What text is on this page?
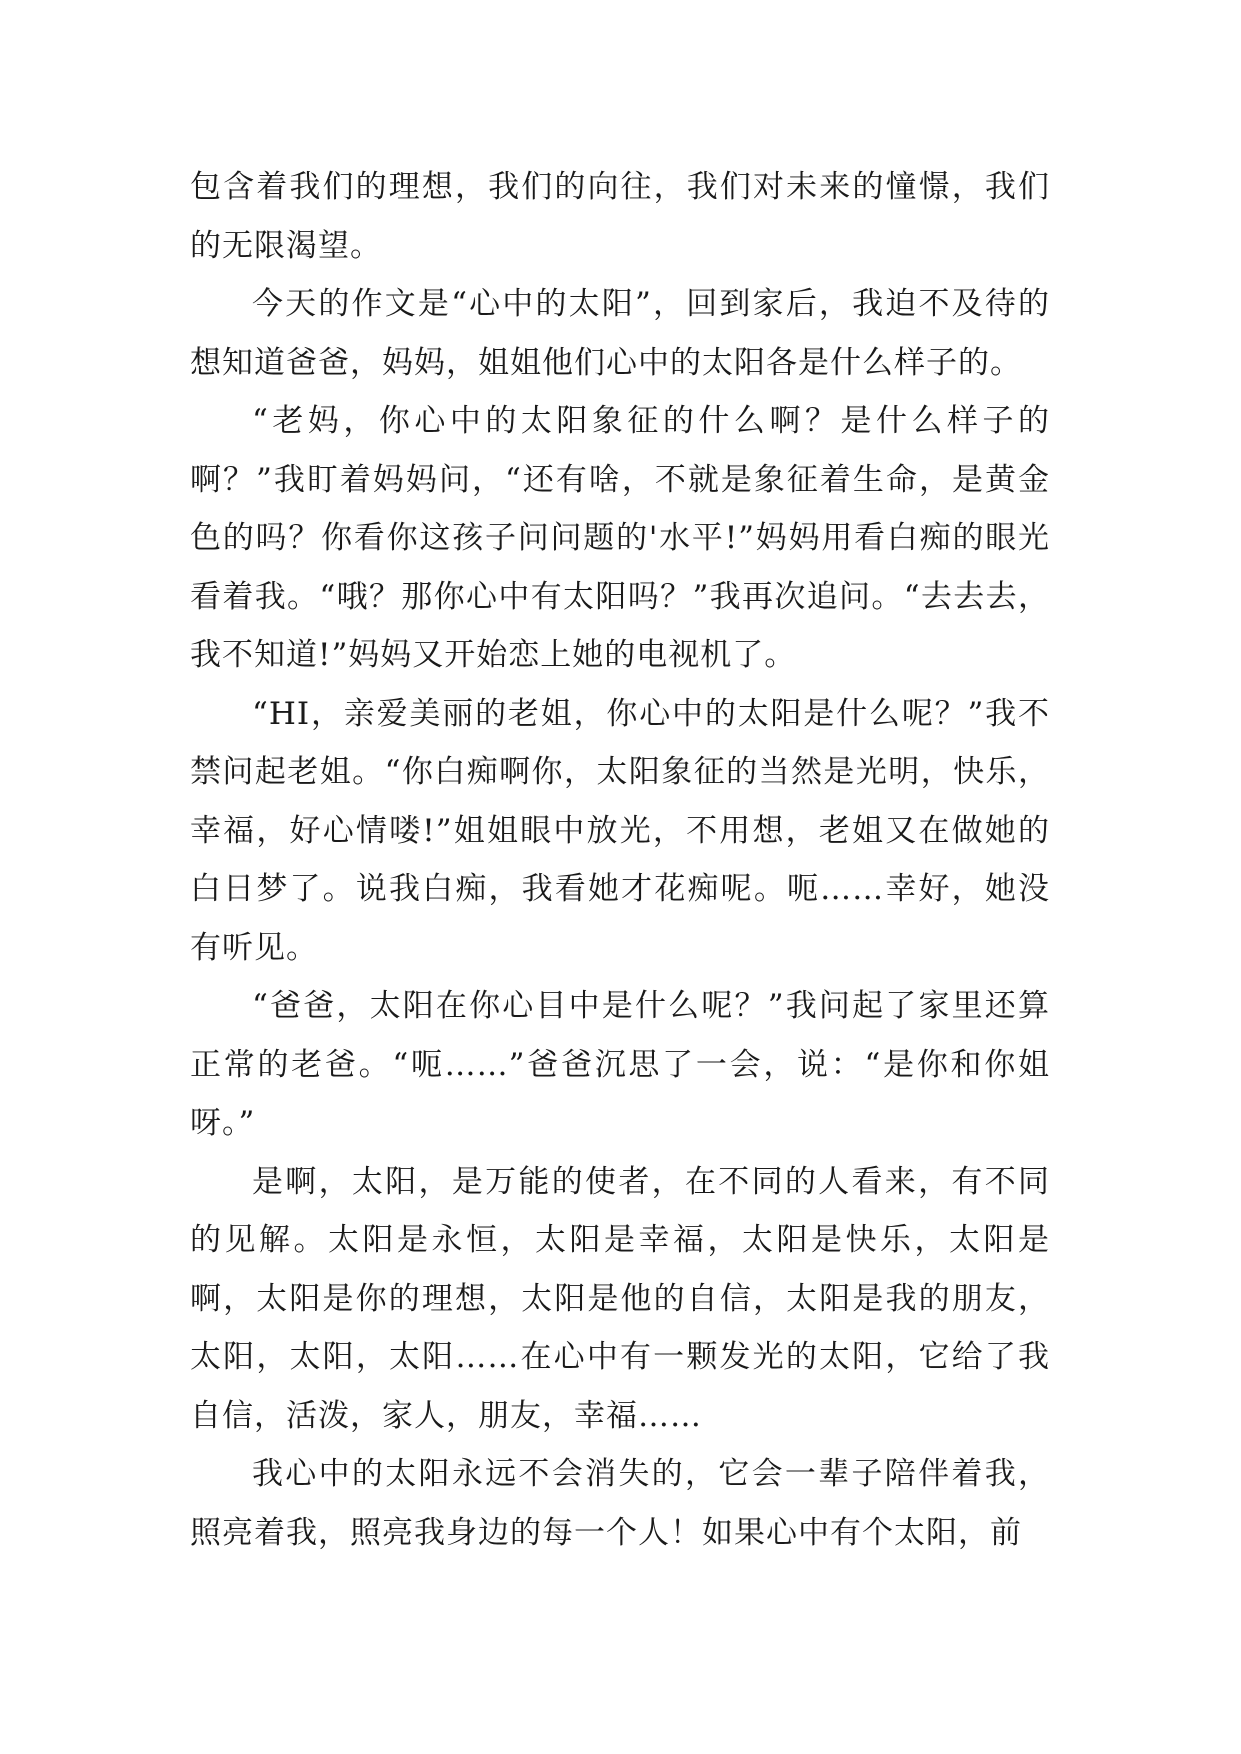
包含着我们的理想，我们的向往，我们对未来的憧憬，我们的无限渴望。

今天的作文是“心中的太阳”，回到家后，我迫不及待的想知道爸爸，妈妈，姐姐他们心中的太阳各是什么样子的。

“老妈，你心中的太阳象征的什么啊？是什么样子的啊？”我盯着妈妈问，“还有啥，不就是象征着生命，是黄金色的吗？你看你这孩子问问题的'水平!”妈妈用看白痴的眼光看着我。“哦？那你心中有太阳吗？”我再次追问。“去去去，我不知道!”妈妈又开始恋上她的电视机了。

“HI，亲爱美丽的老姐，你心中的太阳是什么呢？”我不禁问起老姐。“你白痴啊你，太阳象征的当然是光明，快乐，幸福，好心情喽!”姐姐眼中放光，不用想，老姐又在做她的白日梦了。说我白痴，我看她才花痴呢。呃……幸好，她没有听见。

“爸爸，太阳在你心目中是什么呢？”我问起了家里还算正常的老爸。“呃……”爸爸沉思了一会，说：“是你和你姐呀。”

是啊，太阳，是万能的使者，在不同的人看来，有不同的见解。太阳是永恒，太阳是幸福，太阳是快乐，太阳是啊，太阳是你的理想，太阳是他的自信，太阳是我的朋友，太阳，太阳，太阳……在心中有一颗发光的太阳，它给了我自信，活泼，家人，朋友，幸福……

我心中的太阳永远不会消失的，它会一辈子陪伴着我，照亮着我，照亮我身边的每一个人！如果心中有个太阳，前
